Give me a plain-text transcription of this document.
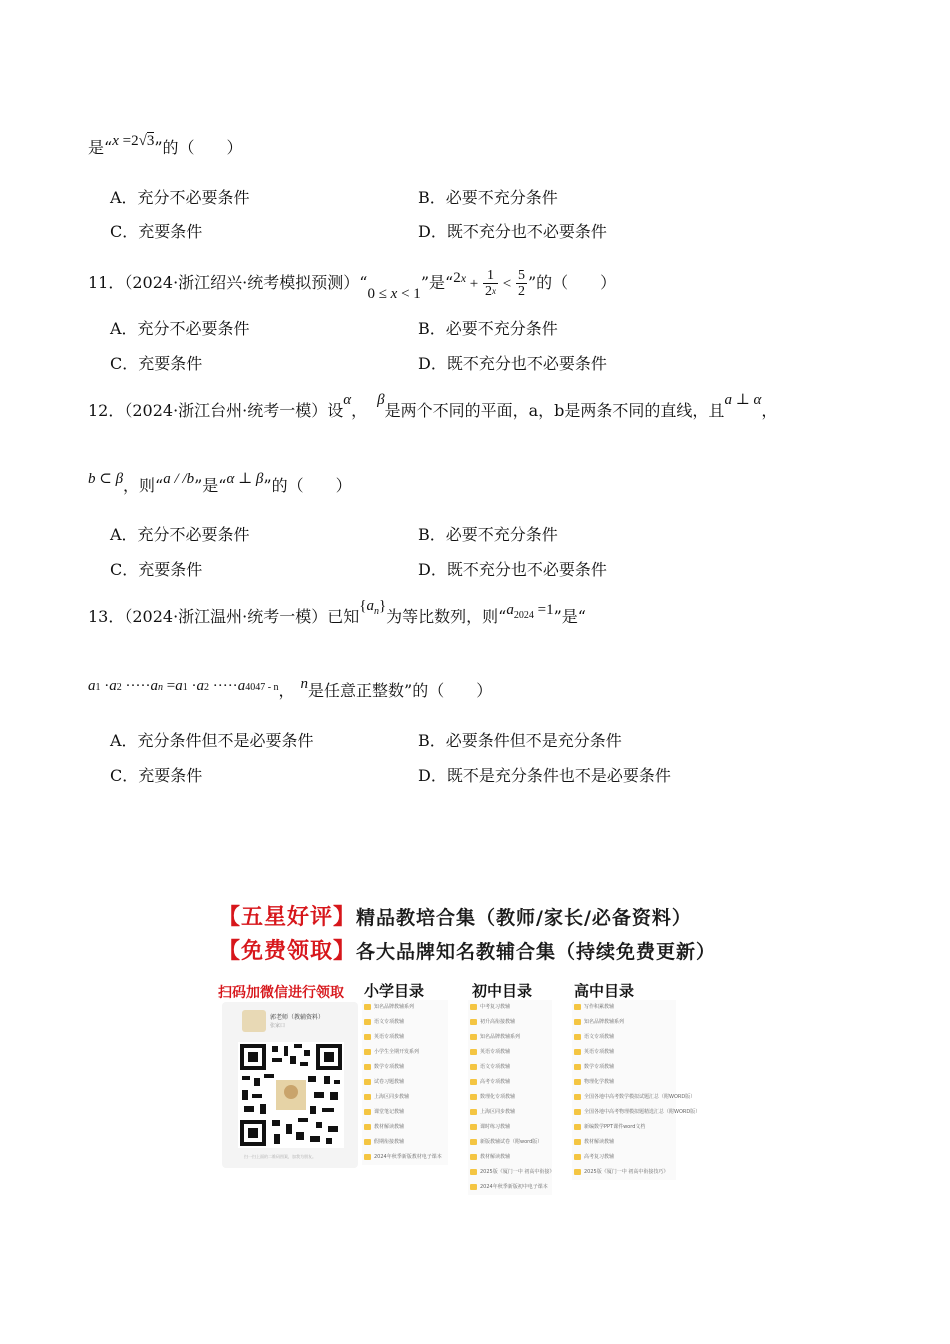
是“x =2√3”的（　　）
A．充分不必要条件	B．必要不充分条件
C．充要条件	D．既不充分也不必要条件
11．（2024·浙江绍兴·统考模拟预测）“0 ≤ x < 1”是“$2^x + \frac{1}{2^x} < \frac{5}{2}$ ”的（　　）
A．充分不必要条件	B．必要不充分条件
C．充要条件	D．既不充分也不必要条件
12．（2024·浙江台州·统考一模）设α，β是两个不同的平面，a，b是两条不同的直线，且a ⊥ α，
b ⊂ β，则“a / /b”是“α ⊥ β”的（　　）
A．充分不必要条件	B．必要不充分条件
C．充要条件	D．既不充分也不必要条件
13．（2024·浙江温州·统考一模）已知$\{a^n\}$为等比数列，则“$a^{2024} =1$”是“
a1 ·a2 ·····an =a1 ·a2 ·····a4047 - n， n是任意正整数”的（　　）
A．充分条件但不是必要条件	B．必要条件但不是充分条件
C．充要条件	D．既不是充分条件也不是必要条件
【五星好评】精品教培合集（教师/家长/必备资料）
【免费领取】各大品牌知名教辅合集（持续免费更新）
扫码加微信进行领取 小学目录	初中目录	高中目录
郭老师（教辅资料）
张家口
扫一扫上面的二维码图案，加我为朋友。
知名品牌教辅系列
语文专项教辅
英语专项教辅
小学生全期开发系列
数学专项教辅
试卷习题教辅
上海区同步教辅
课堂笔记教辅
教材解读教辅
假期衔接教辅
2024年秋季新版教材电子课本
中考复习教辅
初升高衔接教辅
知名品牌教辅系列
英语专项教辅
语文专项教辅
高考专项教辅
数理化专项教辅
上海区同步教辅
课时练习教辅
新版教辅试卷（附word版）
教材解读教辅
2025版《厦门一中 初高中衔接》
2024年秋季新版初中电子课本
写作积累教辅
知名品牌教辅系列
语文专项教辅
英语专项教辅
数学专项教辅
物理化学教辅
全国各地中高考数学模拟试题汇总（附WORD版）
全国各地中高考物理模拟题精选汇总（附WORD版）
新编数学PPT课件word文档
教材解读教辅
高考复习教辅
2025版《厦门一中 初高中衔接技巧》
